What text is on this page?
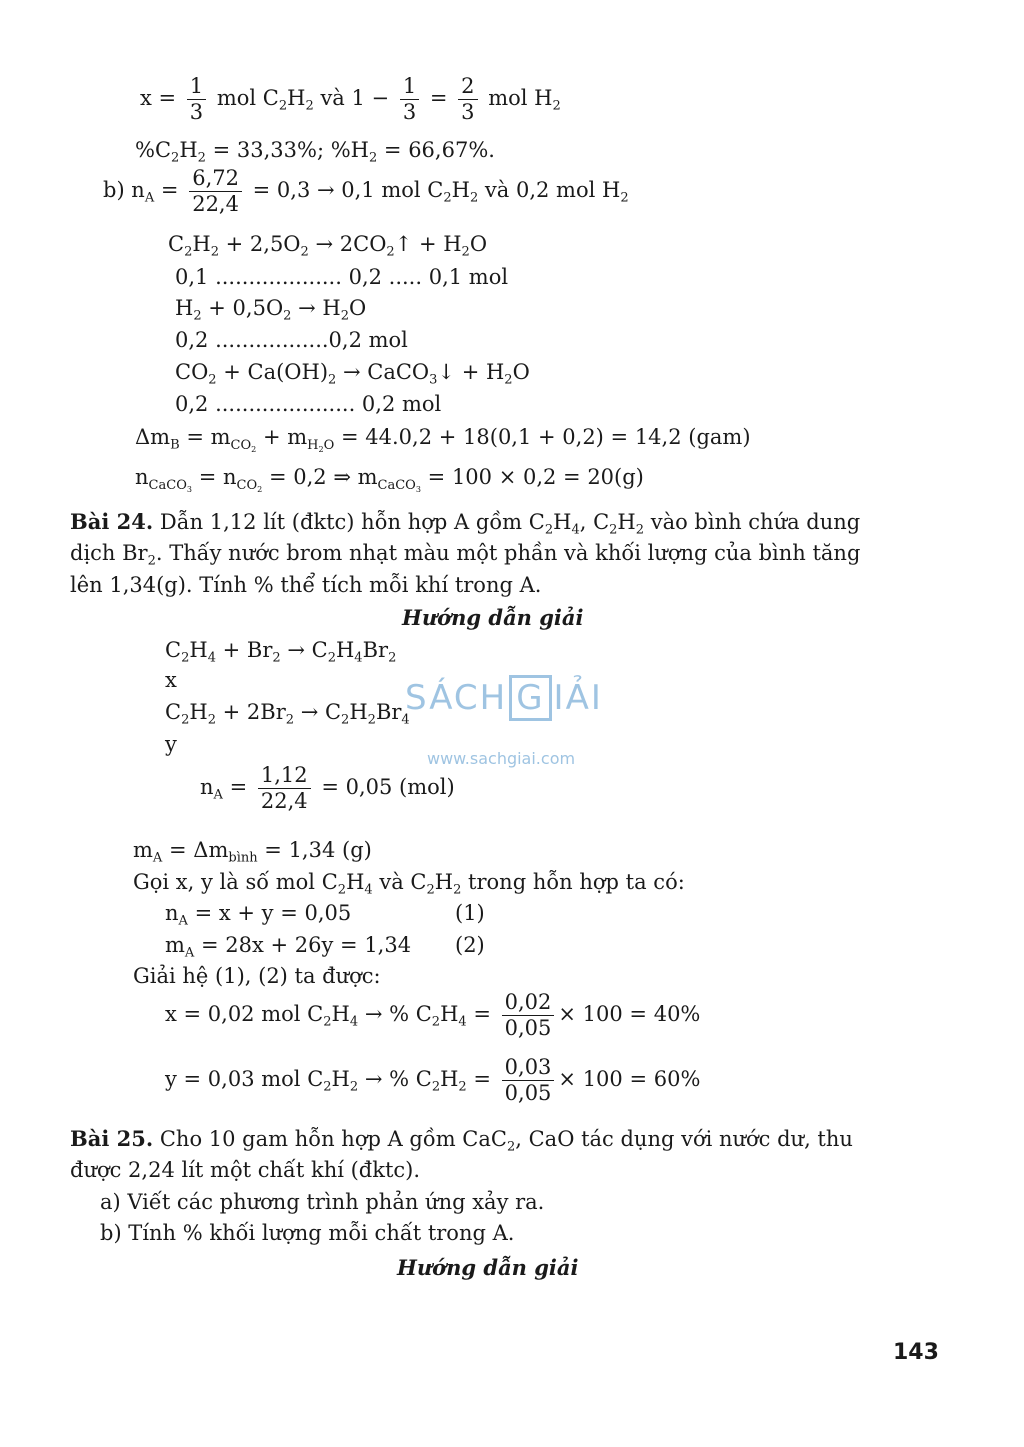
$x = \frac{1}{3}$ mol $C_2H_2$ và $1 - \frac{1}{3} = \frac{2}{3}$ mol $H_2$
$\%C_2H_2 = 33,33\%$; $\%H_2 = 66,67\%$.
b) $n_A = \frac{6,72}{22,4} = 0,3 \to 0,1$ mol $C_2H_2$ và 0,2 mol $H_2$
$C_2H_2 + 2,5O_2$ → $2CO_2↑ + H_2O$
0,1 ................... 0,2 ..... 0,1 mol
$H_2 + 0,5O_2 \to H_2O$
0,2 .................0,2 mol
$CO_2 + Ca(OH)_2$ → CaCO$_3$↓ + $H_2O$
0,2 ..................... 0,2 mol
$\Delta m_B = m_{CO_2} + m_{H_2O} = 44.0,2 + 18(0,1 + 0,2) = 14,2$ (gam)
$n_{CaCO_3} = n_{CO_2} = 0,2$ ⇒ $m_{CaCO_3} = 100 \times 0,2 = 20(g)$
Bài 24. Dẫn 1,12 lít (đktc) hỗn hợp A gồm $C_2H_4$, $C_2H_2$ vào bình chứa dung
dịch $Br_2$. Thấy nước brom nhạt màu một phần và khối lượng của bình tăng
lên 1,34(g). Tính % thể tích mỗi khí trong A.
Hướng dẫn giải
$C_2H_4 + Br_2 \to C_2H_4Br_2$
x
$C_2H_2 + 2Br_2 \to C_2H_2Br_4$
y
SÁCH G IẢI
www.sachgiai.com
$n_A = \frac{1,12}{22,4} = 0,05$ (mol)
$m_A = \Delta m_{bình} = 1,34$ (g)
Gọi x, y là số mol $C_2H_4$ và $C_2H_2$ trong hỗn hợp ta có:
$n_A = x + y = 0,05$	(1)
$m_A = 28x + 26y = 1,34$ (2)
Giải hệ (1), (2) ta được:
x = 0,02 mol $C_2H_4$ → % $C_2H_4 = \frac{0,02}{0,05} \times 100 = 40\%$
y = 0,03 mol $C_2H_2$ → % $C_2H_2 = \frac{0,03}{0,05} \times 100 = 60\%$
Bài 25. Cho 10 gam hỗn hợp A gồm CaC$_2$, CaO tác dụng với nước dư, thu
được 2,24 lít một chất khí (đktc).
a) Viết các phương trình phản ứng xảy ra.
b) Tính % khối lượng mỗi chất trong A.
Hướng dẫn giải
143
